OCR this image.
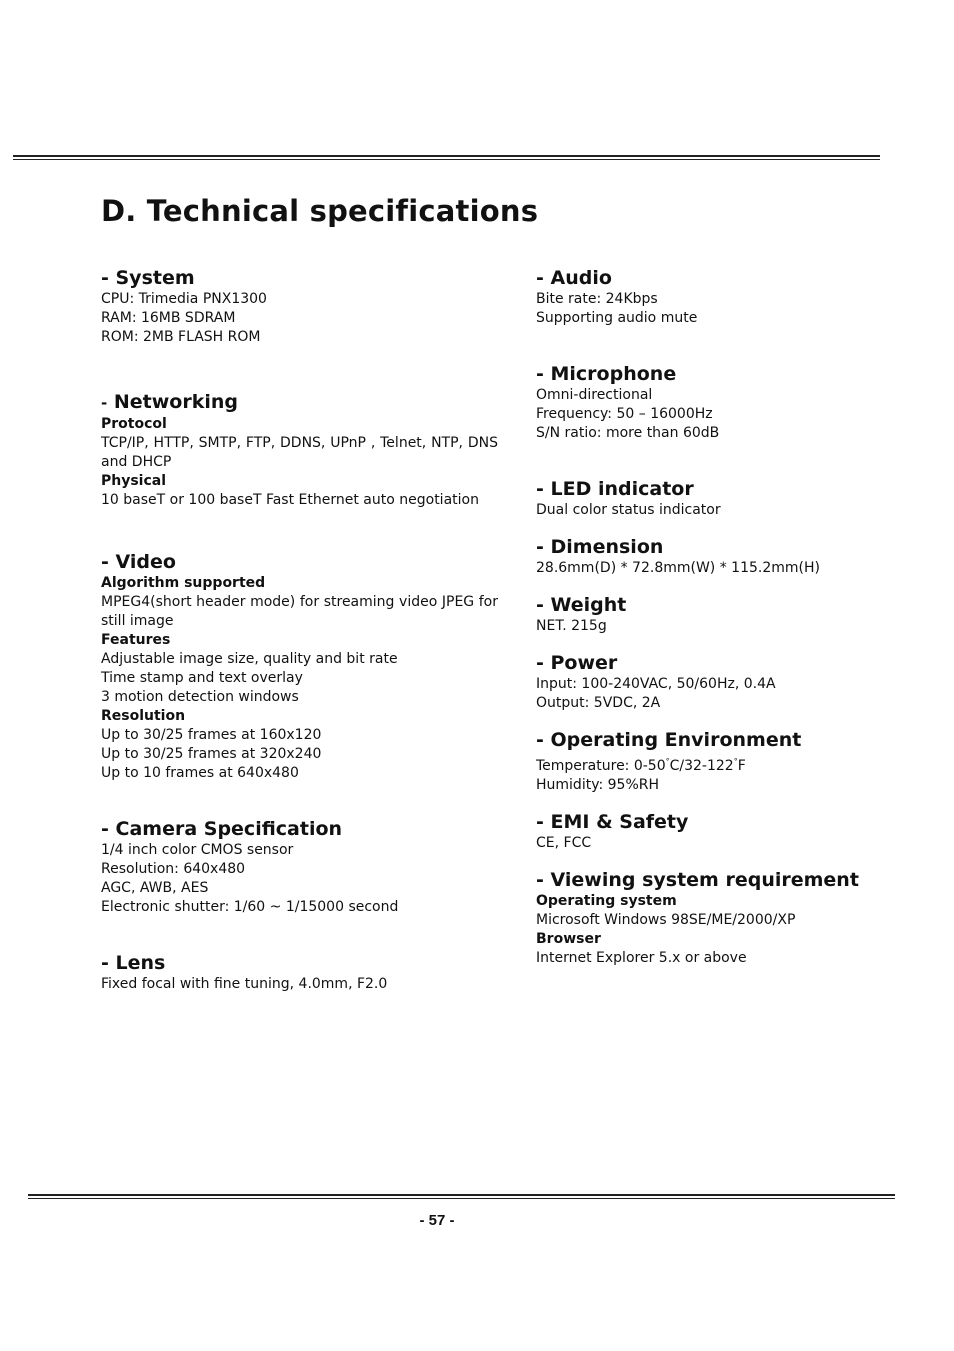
D. Technical specifications
- System
CPU: Trimedia PNX1300
RAM: 16MB SDRAM
ROM: 2MB FLASH ROM
- Networking
Protocol
TCP/IP, HTTP, SMTP, FTP, DDNS, UPnP , Telnet, NTP, DNS and DHCP
Physical
10 baseT or 100 baseT Fast Ethernet auto negotiation
- Video
Algorithm supported
MPEG4(short header mode) for streaming video JPEG for still image
Features
Adjustable image size, quality and bit rate
Time stamp and text overlay
3 motion detection windows
Resolution
Up to 30/25 frames at 160x120
Up to 30/25 frames at 320x240
Up to 10 frames at 640x480
- Camera Specification
1/4 inch color CMOS sensor
Resolution: 640x480
AGC, AWB, AES
Electronic shutter: 1/60 ~ 1/15000 second
- Lens
Fixed focal with fine tuning, 4.0mm, F2.0
- Audio
Bite rate: 24Kbps
Supporting audio mute
- Microphone
Omni-directional
Frequency: 50 – 16000Hz
S/N ratio: more than 60dB
- LED indicator
Dual color status indicator
- Dimension
28.6mm(D) * 72.8mm(W) * 115.2mm(H)
- Weight
NET. 215g
- Power
Input: 100-240VAC, 50/60Hz, 0.4A
Output: 5VDC, 2A
- Operating Environment
Temperature: 0-50°C/32-122°F
Humidity: 95%RH
- EMI & Safety
CE, FCC
- Viewing system requirement
Operating system
Microsoft Windows 98SE/ME/2000/XP
Browser
Internet Explorer 5.x or above
- 57 -
